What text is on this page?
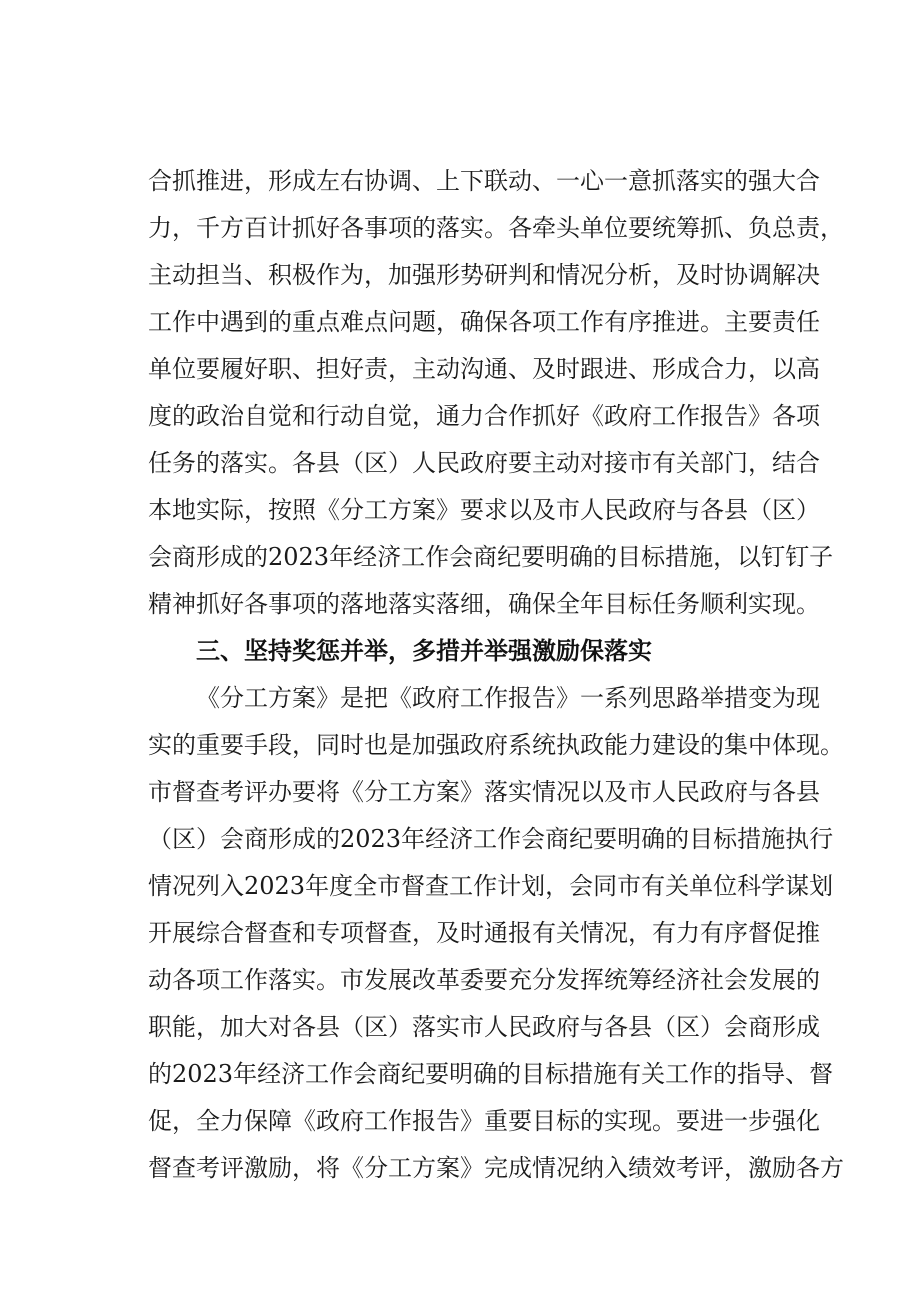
合抓推进，形成左右协调、上下联动、一心一意抓落实的强大合
力，千方百计抓好各事项的落实。各牵头单位要统筹抓、负总责，
主动担当、积极作为，加强形势研判和情况分析，及时协调解决
工作中遇到的重点难点问题，确保各项工作有序推进。主要责任
单位要履好职、担好责，主动沟通、及时跟进、形成合力，以高
度的政治自觉和行动自觉，通力合作抓好《政府工作报告》各项
任务的落实。各县（区）人民政府要主动对接市有关部门，结合
本地实际，按照《分工方案》要求以及市人民政府与各县（区）
会商形成的2023年经济工作会商纪要明确的目标措施，以钉钉子
精神抓好各事项的落地落实落细，确保全年目标任务顺利实现。
三、坚持奖惩并举，多措并举强激励保落实
《分工方案》是把《政府工作报告》一系列思路举措变为现
实的重要手段，同时也是加强政府系统执政能力建设的集中体现。
市督查考评办要将《分工方案》落实情况以及市人民政府与各县
（区）会商形成的2023年经济工作会商纪要明确的目标措施执行
情况列入2023年度全市督查工作计划，会同市有关单位科学谋划
开展综合督查和专项督查，及时通报有关情况，有力有序督促推
动各项工作落实。市发展改革委要充分发挥统筹经济社会发展的
职能，加大对各县（区）落实市人民政府与各县（区）会商形成
的2023年经济工作会商纪要明确的目标措施有关工作的指导、督
促，全力保障《政府工作报告》重要目标的实现。要进一步强化
督查考评激励，将《分工方案》完成情况纳入绩效考评，激励各方
